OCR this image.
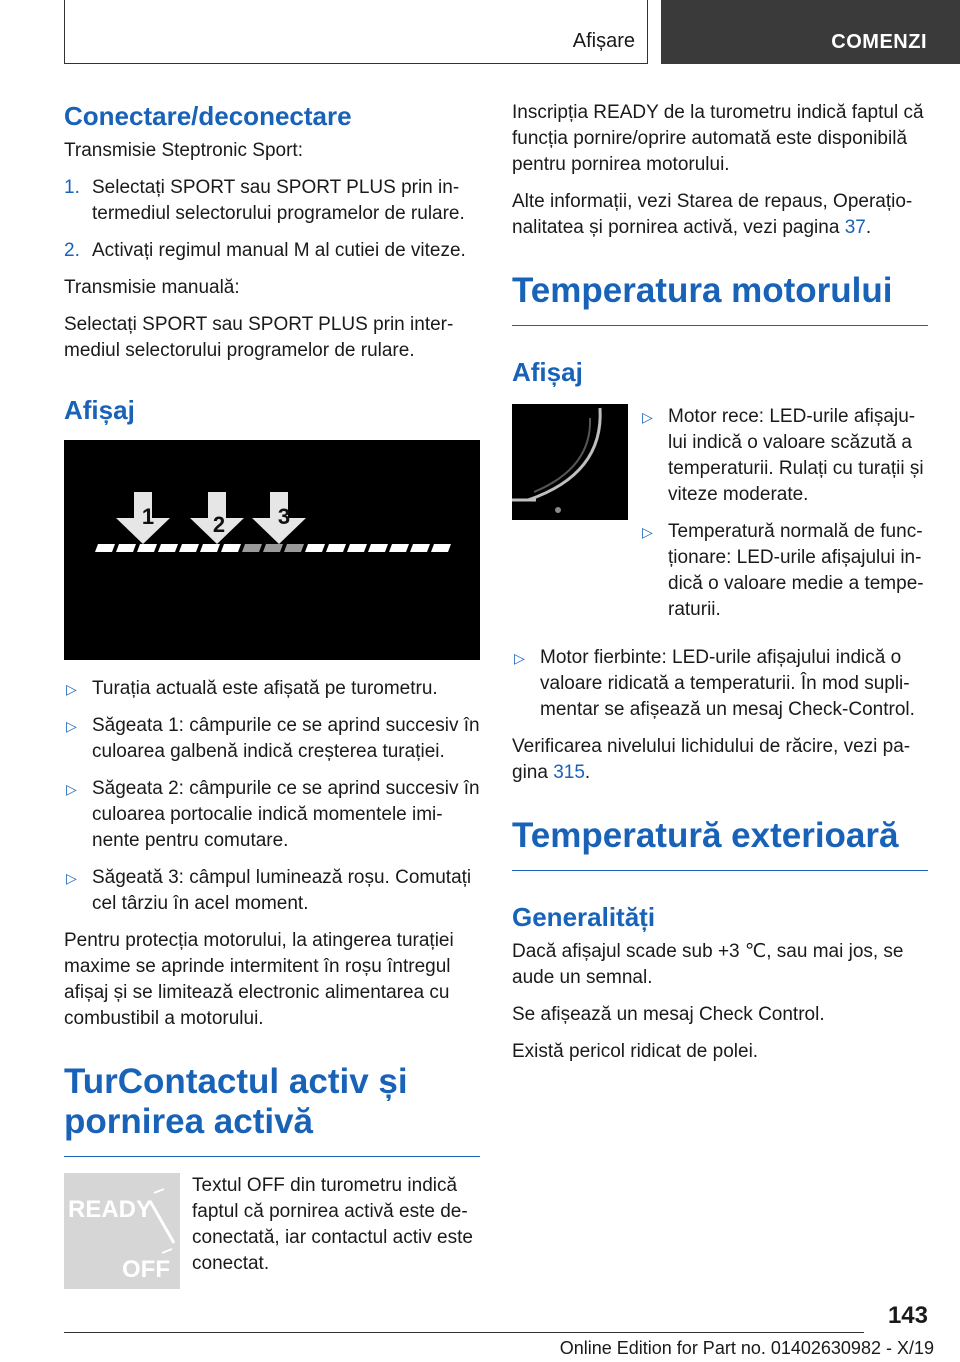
Afișare	COMENZI
Conectare/deconectare

Transmisie Steptronic Sport:

1. Selectați SPORT sau SPORT PLUS prin in-termediul selectorului programelor de rulare.
2. Activați regimul manual M al cutiei de viteze.

Transmisie manuală:

Selectați SPORT sau SPORT PLUS prin inter-mediul selectorului programelor de rulare.

Afișaj
1	2 3
▷ Turația actuală este afișată pe turometru.
▷ Săgeata 1: câmpurile ce se aprind succesiv în culoarea galbenă indică creșterea turației.
▷ Săgeata 2: câmpurile ce se aprind succesiv în culoarea portocalie indică momentele imi-nente pentru comutare.
▷ Săgeată 3: câmpul luminează roșu. Comutați cel târziu în acel moment.

Pentru protecția motorului, la atingerea turației maxime se aprinde intermitent în roșu întregul afișaj și se limitează electronic alimentarea cu combustibil a motorului.

TurContactul activ și pornirea activă
READY
OFF

Textul OFF din turometru indică faptul că pornirea activă este de-conectată, iar contactul activ este conectat.

Inscripția READY de la turometru indică faptul că funcția pornire/oprire automată este disponibilă pentru pornirea motorului.

Alte informații, vezi Starea de repaus, Operațio-nalitatea și pornirea activă, vezi pagina 37.

Temperatura motorului
Afișaj
▷ Motor rece: LED-urile afișaju-lui indică o valoare scăzută a temperaturii. Rulați cu turații și viteze moderate.
▷ Temperatură normală de func-ționare: LED-urile afișajului in-dică o valoare medie a tempe-raturii.
▷ Motor fierbinte: LED-urile afișajului indică o valoare ridicată a temperaturii. În mod supli-mentar se afișează un mesaj Check-Control.

Verificarea nivelului lichidului de răcire, vezi pa-gina 315.

Temperatură exterioară
Generalități

Dacă afișajul scade sub +3 ℃, sau mai jos, se aude un semnal.

Se afișează un mesaj Check Control.

Există pericol ridicat de polei.

143
Online Edition for Part no. 01402630982 - X/19
